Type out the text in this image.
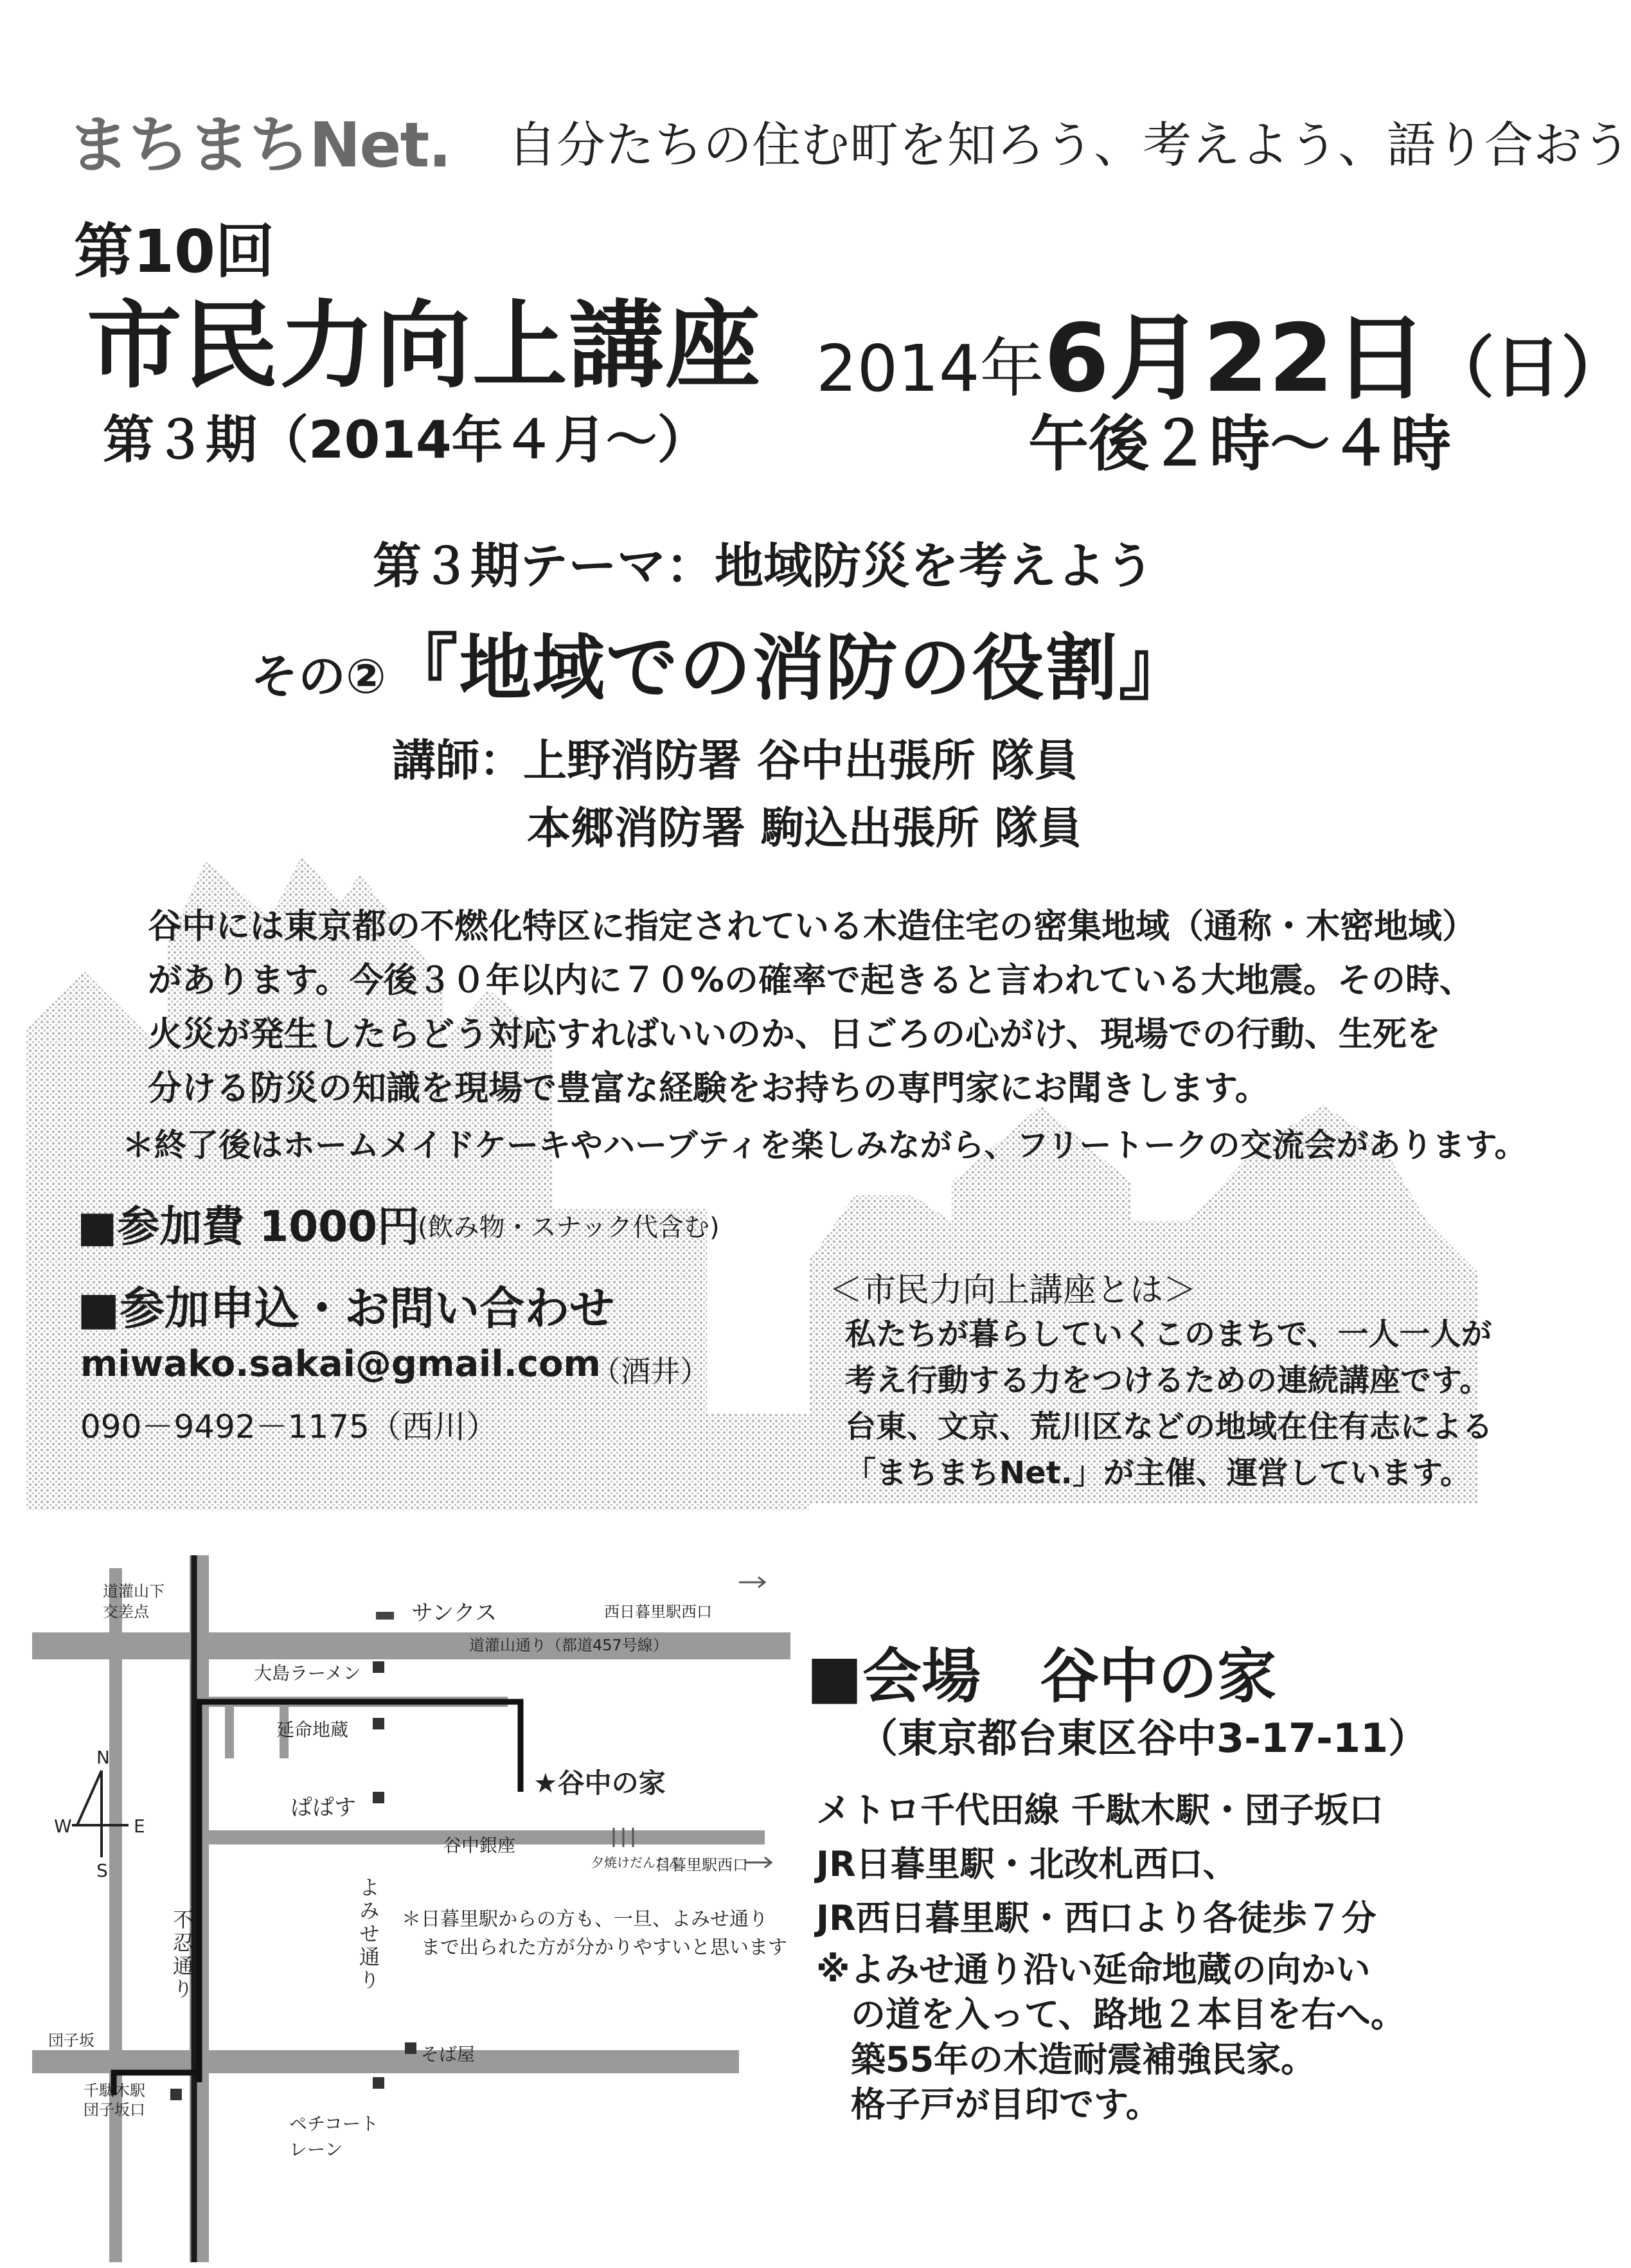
まちまちNet. 自分たちの住む町を知ろう、考えよう、語り合おう
第10回
市民力向上講座
第３期（2014年４月～）
2014年6月22日（日）
午後２時～４時
第３期テーマ：地域防災を考えよう
その②『地域での消防の役割』
講師：上野消防署 谷中出張所 隊員
本郷消防署 駒込出張所 隊員
谷中には東京都の不燃化特区に指定されている木造住宅の密集地域（通称・木密地域）
があります。今後３０年以内に７０%の確率で起きると言われている大地震。その時、
火災が発生したらどう対応すればいいのか、日ごろの心がけ、現場での行動、生死を
分ける防災の知識を現場で豊富な経験をお持ちの専門家にお聞きします。
＊終了後はホームメイドケーキやハーブティを楽しみながら、フリートークの交流会があります。
■ 参加費 1000円
(飲み物・スナック代含む)
■ 参加申込・お問い合わせ
miwako.sakai@gmail.com
（酒井）
090－9492－1175（西川）
＜市民力向上講座とは＞
私たちが暮らしていくこのまちで、一人一人が
考え行動する力をつけるための連続講座です。
台東、文京、荒川区などの地域在住有志による
「まちまちNet.」が主催、運営しています。
道灌山下
交差点	サンクス	西日暮里駅西口
道灌山通り（都道457号線）
大島ラーメン
延命地蔵
★谷中の家
ぱぱす
谷中銀座
夕焼けだんだん
日暮里駅西口
不忍通り	よみせ通り ＊日暮里駅からの方も、一旦、よみせ通り
　まで出られた方が分かりやすいと思います
そば屋
団子坂
千駄木駅
団子坂口
ペチコート
レーン
N
S
E
W
■ 会場　谷中の家
（東京都台東区谷中3-17-11）
メトロ千代田線 千駄木駅・団子坂口
JR日暮里駅・北改札西口、
JR西日暮里駅・西口より各徒歩７分
※よみせ通り沿い延命地蔵の向かい
　の道を入って、路地２本目を右へ。
　築55年の木造耐震補強民家。
　格子戸が目印です。
